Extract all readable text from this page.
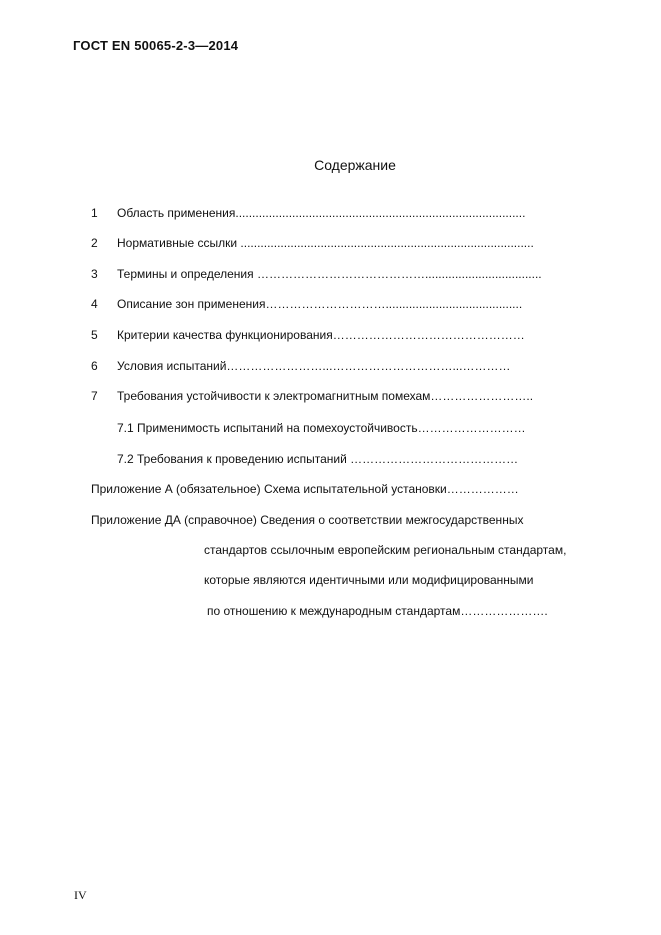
ГОСТ EN 50065-2-3—2014
Содержание
1 Область применения.......................................................................................
2 Нормативные ссылки ........................................................................................
3 Термины и определения ……………………………………...................................
4 Описание зон применения………………………….........................................
5 Критерии качества функционирования…………………………………………
6 Условия испытаний……………………...…………………………...…………
7 Требования устойчивости к электромагнитным помехам……………………..
7.1 Применимость испытаний на помехоустойчивость………………………
7.2 Требования к проведению испытаний ……………………………………
Приложение А (обязательное) Схема испытательной установки………………
Приложение ДА (справочное) Сведения о соответствии межгосударственных
стандартов ссылочным европейским региональным стандартам,
которые являются идентичными или модифицированными
по отношению к международным стандартам………………….
IV
